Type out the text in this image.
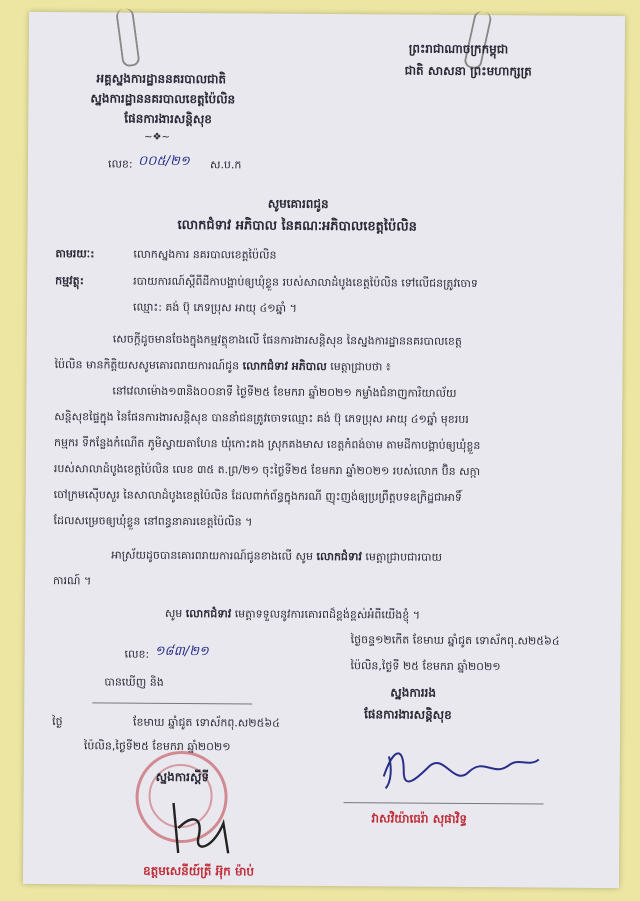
ព្រះរាជាណាចក្រកម្ពុជា
ជាតិ សាសនា ព្រះមហាក្សត្រ
អគ្គស្នងការដ្ឋាននគរបាលជាតិ
ស្នងការដ្ឋាននគរបាលខេត្តប៉ៃលិន
ផែនការងារសន្តិសុខ
~❖~
លេខ: ០០៥/២១ ស.ប.ក
សូមគោរពជូន
លោកជំទាវ អភិបាល នៃគណៈអភិបាលខេត្តប៉ៃលិន
តាមរយៈ:	លោកស្នងការ នគរបាលខេត្តប៉ៃលិន
កម្មវត្ថុ:	របាយការណ៍ស្តីពីដីកាបង្គាប់ឲ្យឃុំខ្លួន របស់សាលាដំបូងខេត្តប៉ៃលិន ទៅលើជនត្រូវចោទ
ឈ្មោះ: គង់ ប៊ុ ភេទប្រុស អាយុ ៤១ឆ្នាំ ។
សេចក្តីដូចមានចែងក្នុងកម្មវត្ថុខាងលើ ផែនការងារសន្តិសុខ នៃស្នងការដ្ឋាននគរបាលខេត្ត
ប៉ៃលិន មានកិត្តិយសសូមគោរពរាយការណ៍ជូន លោកជំទាវ អភិបាល មេត្តាជ្រាបថា ៖
នៅវេលាម៉ោង១៣និង០០នាទី ថ្ងៃទី២៥ ខែមករា ឆ្នាំ២០២១ កម្លាំងជំនាញការិយាល័យ
សន្តិសុខផ្ទៃក្នុង នៃផែនការងារសន្តិសុខ បាននាំជនត្រូវចោទឈ្មោះ គង់ ប៊ុ ភេទប្រុស អាយុ ៤១ឆ្នាំ មុខរបរ
កម្មករ ទីកន្លែងកំណើត ភូមិស្វាយតាហែន ឃុំកោះគង ស្រុកគងមាស ខេត្តកំពង់ចាម តាមដីកាបង្គាប់ឲ្យឃុំខ្លួន
របស់សាលាដំបូងខេត្តប៉ៃលិន លេខ ៣៥ ត.ព្រ/២១ ចុះថ្ងៃទី២៥ ខែមករា ឆ្នាំ២០២១ របស់លោក ប៊ិន សក្កា
ចៅក្រមស៊ើបសួរ នៃសាលាដំបូងខេត្តប៉ៃលិន ដែលពាក់ព័ន្ធក្នុងករណី ញុះញង់ឲ្យប្រព្រឹត្តបទឧក្រិដ្ឋជាអាទិ៍
ដែលសម្រេចឲ្យឃុំខ្លួន នៅពន្ធនាគារខេត្តប៉ៃលិន ។
អាស្រ័យដូចបានគោរពរាយការណ៍ជូនខាងលើ សូម លោកជំទាវ មេត្តាជ្រាបជារបាយ
ការណ៍ ។
សូម លោកជំទាវ មេត្តាទទួលនូវការគោរពដ៏ខ្ពង់ខ្ពស់អំពីយើងខ្ញុំ ។
ថ្ងៃចន្ទ១២កើត ខែមាឃ ឆ្នាំជូត ទោស័កពុ.ស២៥៦៤
ប៉ៃលិន,ថ្ងៃទី ២៥ ខែមករា ឆ្នាំ២០២១
ស្នងការរង
ផែនការងារសន្តិសុខ
វាសវិយ៉ាធេរ៉ា សុផាវិទ្ធ
លេខ: ១៨៣/២១
បានឃើញ និង
ថ្ងៃ	ខែមាឃ ឆ្នាំជូត ទោស័កពុ.ស២៥៦៤
ប៉ៃលិន,ថ្ងៃទី២៥ ខែមករា ឆ្នាំ២០២១
ស្នងការស្តីទី
ឧត្តមសេនីយ៍ត្រី អ៊ុក ម៉ាប់
